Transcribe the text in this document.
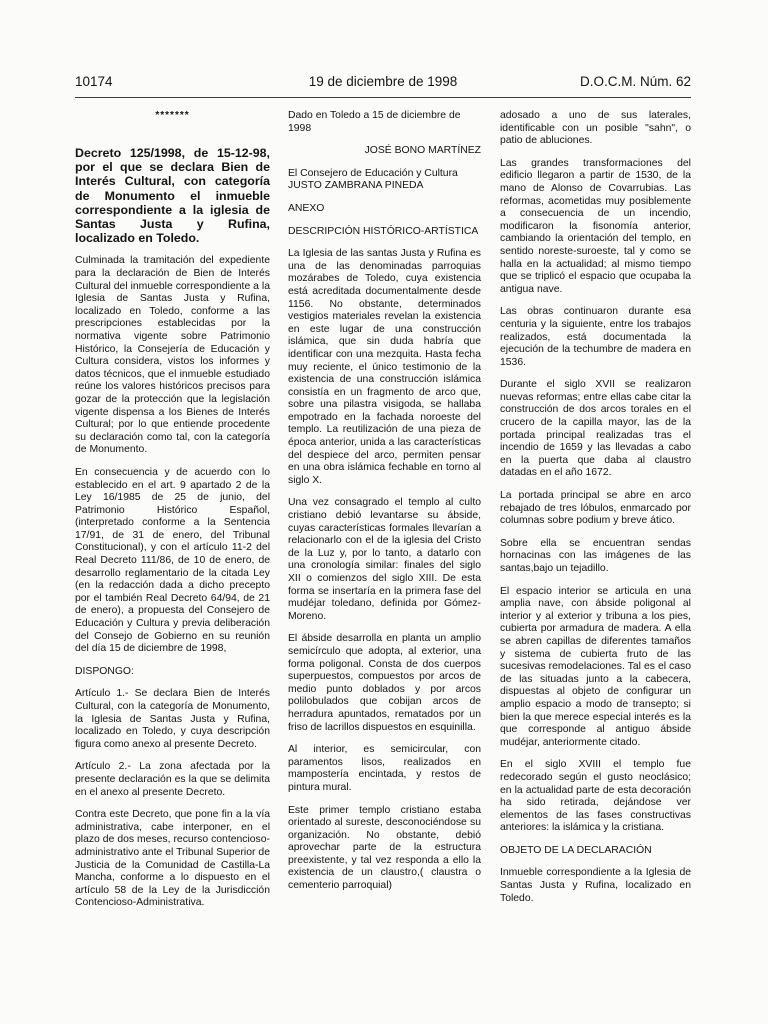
10174	19 de diciembre de 1998	D.O.C.M. Núm. 62
*******

Decreto 125/1998, de 15-12-98, por el que se declara Bien de Interés Cultural, con categoría de Monumento el inmueble correspondiente a la iglesia de Santas Justa y Rufina, localizado en Toledo.

Culminada la tramitación del expediente para la declaración de Bien de Interés Cultural del inmueble correspondiente a la Iglesia de Santas Justa y Rufina, localizado en Toledo, conforme a las prescripciones establecidas por la normativa vigente sobre Patrimonio Histórico, la Consejería de Educación y Cultura considera, vistos los informes y datos técnicos, que el inmueble estudiado reúne los valores históricos precisos para gozar de la protección que la legislación vigente dispensa a los Bienes de Interés Cultural; por lo que entiende procedente su declaración como tal, con la categoría de Monumento.

En consecuencia y de acuerdo con lo establecido en el art. 9 apartado 2 de la Ley 16/1985 de 25 de junio, del Patrimonio Histórico Español, (interpretado conforme a la Sentencia 17/91, de 31 de enero, del Tribunal Constitucional), y con el artículo 11-2 del Real Decreto 111/86, de 10 de enero, de desarrollo reglamentario de la citada Ley (en la redacción dada a dicho precepto por el también Real Decreto 64/94, de 21 de enero), a propuesta del Consejero de Educación y Cultura y previa deliberación del Consejo de Gobierno en su reunión del día 15 de diciembre de 1998,

DISPONGO:

Artículo 1.- Se declara Bien de Interés Cultural, con la categoría de Monumento, la Iglesia de Santas Justa y Rufina, localizado en Toledo, y cuya descripción figura como anexo al presente Decreto.

Artículo 2.- La zona afectada por la presente declaración es la que se delimita en el anexo al presente Decreto.

Contra este Decreto, que pone fin a la vía administrativa, cabe interponer, en el plazo de dos meses, recurso contencioso-administrativo ante el Tribunal Superior de Justicia de la Comunidad de Castilla-La Mancha, conforme a lo dispuesto en el artículo 58 de la Ley de la Jurisdicción Contencioso-Administrativa.

Dado en Toledo a 15 de diciembre de 1998

JOSÉ BONO MARTÍNEZ

El Consejero de Educación y Cultura JUSTO ZAMBRANA PINEDA

ANEXO

DESCRIPCIÓN HISTÓRICO-ARTÍSTICA

La Iglesia de las santas Justa y Rufina es una de las denominadas parroquias mozárabes de Toledo, cuya existencia está acreditada documentalmente desde 1156. No obstante, determinados vestigios materiales revelan la existencia en este lugar de una construcción islámica, que sin duda habría que identificar con una mezquita. Hasta fecha muy reciente, el único testimonio de la existencia de una construcción islámica consistía en un fragmento de arco que, sobre una pilastra visigoda, se hallaba empotrado en la fachada noroeste del templo. La reutilización de una pieza de época anterior, unida a las características del despiece del arco, permiten pensar en una obra islámica fechable en torno al siglo X.

Una vez consagrado el templo al culto cristiano debió levantarse su ábside, cuyas características formales llevarían a relacionarlo con el de la iglesia del Cristo de la Luz y, por lo tanto, a datarlo con una cronología similar: finales del siglo XII o comienzos del siglo XIII. De esta forma se insertaría en la primera fase del mudéjar toledano, definida por Gómez-Moreno.

El ábside desarrolla en planta un amplio semicírculo que adopta, al exterior, una forma poligonal. Consta de dos cuerpos superpuestos, compuestos por arcos de medio punto doblados y por arcos polilobulados que cobijan arcos de herradura apuntados, rematados por un friso de lacrillos dispuestos en esquinilla.

Al interior, es semicircular, con paramentos lisos, realizados en mampostería encintada, y restos de pintura mural.

Este primer templo cristiano estaba orientado al sureste, desconociéndose su organización. No obstante, debió aprovechar parte de la estructura preexistente, y tal vez responda a ello la existencia de un claustro,( claustra o cementerio parroquial)

adosado a uno de sus laterales, identificable con un posible "sahn", o patio de abluciones.

Las grandes transformaciones del edificio llegaron a partir de 1530, de la mano de Alonso de Covarrubias. Las reformas, acometidas muy posiblemente a consecuencia de un incendio, modificaron la fisonomía anterior, cambiando la orientación del templo, en sentido noreste-suroeste, tal y como se halla en la actualidad; al mismo tiempo que se triplicó el espacio que ocupaba la antigua nave.

Las obras continuaron durante esa centuria y la siguiente, entre los trabajos realizados, está documentada la ejecución de la techumbre de madera en 1536.

Durante el siglo XVII se realizaron nuevas reformas; entre ellas cabe citar la construcción de dos arcos torales en el crucero de la capilla mayor, las de la portada principal realizadas tras el incendio de 1659 y las llevadas a cabo en la puerta que daba al claustro datadas en el año 1672.

La portada principal se abre en arco rebajado de tres lóbulos, enmarcado por columnas sobre podium y breve ático.

Sobre ella se encuentran sendas hornacinas con las imágenes de las santas,bajo un tejadillo.

El espacio interior se articula en una amplia nave, con ábside poligonal al interior y al exterior y tribuna a los pies, cubierta por armadura de madera. A ella se abren capillas de diferentes tamaños y sistema de cubierta fruto de las sucesivas remodelaciones. Tal es el caso de las situadas junto a la cabecera, dispuestas al objeto de configurar un amplio espacio a modo de transepto; si bien la que merece especial interés es la que corresponde al antiguo ábside mudéjar, anteriormente citado.

En el siglo XVIII el templo fue redecorado según el gusto neoclásico; en la actualidad parte de esta decoración ha sido retirada, dejándose ver elementos de las fases constructivas anteriores: la islámica y la cristiana.

OBJETO DE LA DECLARACIÓN

Inmueble correspondiente a la Iglesia de Santas Justa y Rufina, localizado en Toledo.
